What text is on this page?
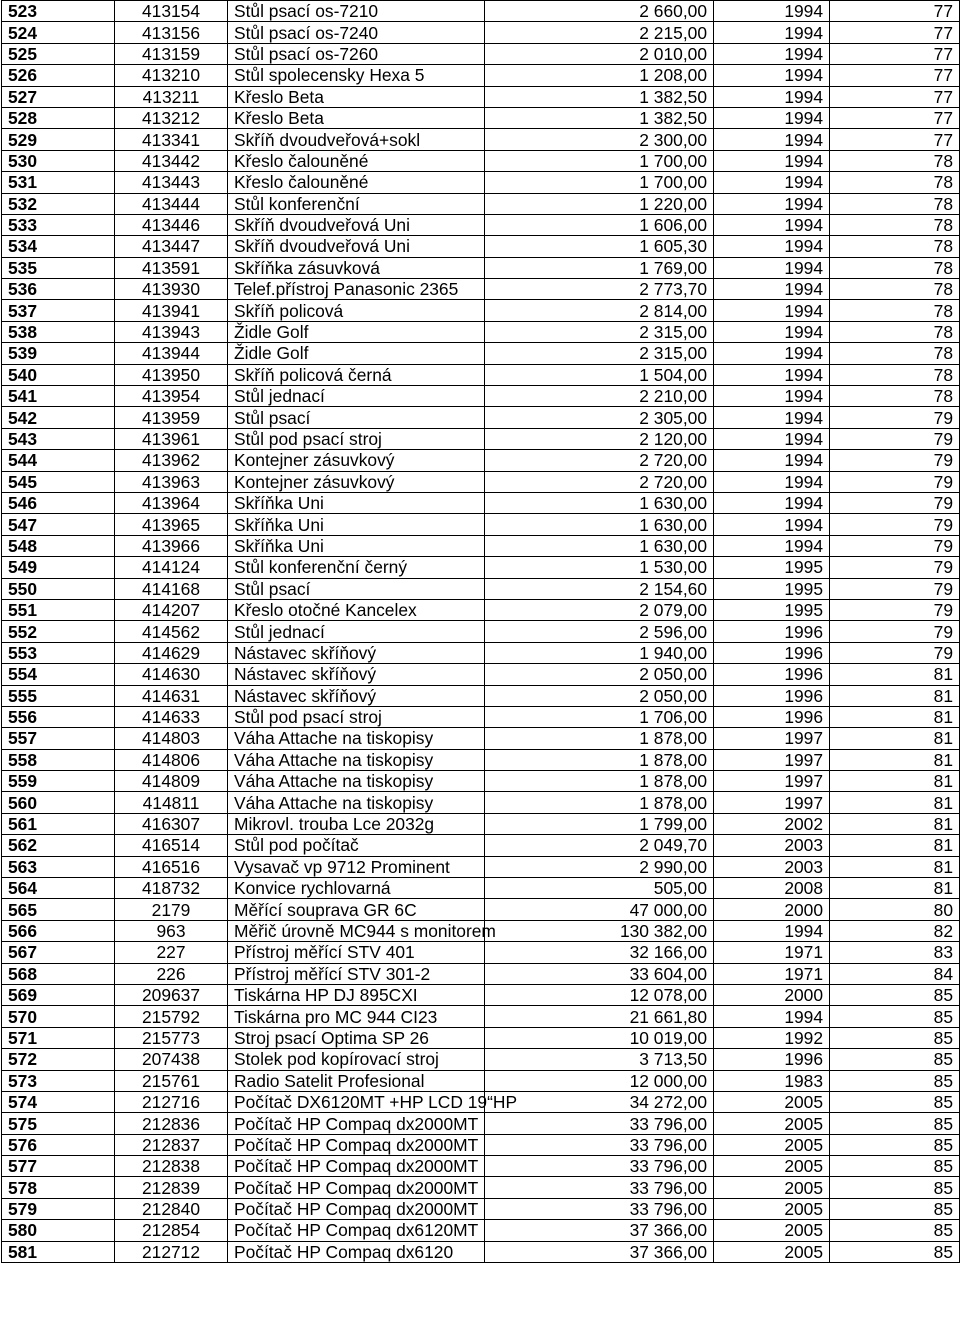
523	413154	Stůl psací os-7210	2 660,00	1994	77
524	413156	Stůl psací os-7240	2 215,00	1994	77
525	413159	Stůl psací os-7260	2 010,00	1994	77
526	413210	Stůl spolecensky Hexa 5	1 208,00	1994	77
527	413211	Křeslo Beta	1 382,50	1994	77
528	413212	Křeslo Beta	1 382,50	1994	77
529	413341	Skříň dvoudveřová+sokl	2 300,00	1994	77
530	413442	Křeslo čalouněné	1 700,00	1994	78
531	413443	Křeslo čalouněné	1 700,00	1994	78
532	413444	Stůl konferenční	1 220,00	1994	78
533	413446	Skříň dvoudveřová Uni	1 606,00	1994	78
534	413447	Skříň dvoudveřová Uni	1 605,30	1994	78
535	413591	Skříňka zásuvková	1 769,00	1994	78
536	413930	Telef.přístroj Panasonic 2365	2 773,70	1994	78
537	413941	Skříň policová	2 814,00	1994	78
538	413943	Židle Golf	2 315,00	1994	78
539	413944	Židle Golf	2 315,00	1994	78
540	413950	Skříň policová černá	1 504,00	1994	78
541	413954	Stůl jednací	2 210,00	1994	78
542	413959	Stůl psací	2 305,00	1994	79
543	413961	Stůl pod psací stroj	2 120,00	1994	79
544	413962	Kontejner zásuvkový	2 720,00	1994	79
545	413963	Kontejner zásuvkový	2 720,00	1994	79
546	413964	Skříňka Uni	1 630,00	1994	79
547	413965	Skříňka Uni	1 630,00	1994	79
548	413966	Skříňka Uni	1 630,00	1994	79
549	414124	Stůl konferenční černý	1 530,00	1995	79
550	414168	Stůl psací	2 154,60	1995	79
551	414207	Křeslo otočné Kancelex	2 079,00	1995	79
552	414562	Stůl jednací	2 596,00	1996	79
553	414629	Nástavec skříňový	1 940,00	1996	79
554	414630	Nástavec skříňový	2 050,00	1996	81
555	414631	Nástavec skříňový	2 050,00	1996	81
556	414633	Stůl pod psací stroj	1 706,00	1996	81
557	414803	Váha Attache na tiskopisy	1 878,00	1997	81
558	414806	Váha Attache na tiskopisy	1 878,00	1997	81
559	414809	Váha Attache na tiskopisy	1 878,00	1997	81
560	414811	Váha Attache na tiskopisy	1 878,00	1997	81
561	416307	Mikrovl. trouba Lce 2032g	1 799,00	2002	81
562	416514	Stůl pod počítač	2 049,70	2003	81
563	416516	Vysavač vp 9712 Prominent	2 990,00	2003	81
564	418732	Konvice rychlovarná	505,00	2008	81
565	2179	Měřící souprava GR 6C	47 000,00	2000	80
566	963	Měřič úrovně MC944 s monitorem	130 382,00	1994	82
567	227	Přístroj měřící STV 401	32 166,00	1971	83
568	226	Přístroj měřící STV 301-2	33 604,00	1971	84
569	209637	Tiskárna HP DJ 895CXI	12 078,00	2000	85
570	215792	Tiskárna pro MC 944 CI23	21 661,80	1994	85
571	215773	Stroj psací Optima SP 26	10 019,00	1992	85
572	207438	Stolek pod kopírovací stroj	3 713,50	1996	85
573	215761	Radio Satelit Profesional	12 000,00	1983	85
574	212716	Počítač DX6120MT +HP LCD 19“HP	34 272,00	2005	85
575	212836	Počítač HP Compaq dx2000MT	33 796,00	2005	85
576	212837	Počítač HP Compaq dx2000MT	33 796,00	2005	85
577	212838	Počítač HP Compaq dx2000MT	33 796,00	2005	85
578	212839	Počítač HP Compaq dx2000MT	33 796,00	2005	85
579	212840	Počítač HP Compaq dx2000MT	33 796,00	2005	85
580	212854	Počítač HP Compaq dx6120MT	37 366,00	2005	85
581	212712	Počítač HP Compaq dx6120	37 366,00	2005	85
